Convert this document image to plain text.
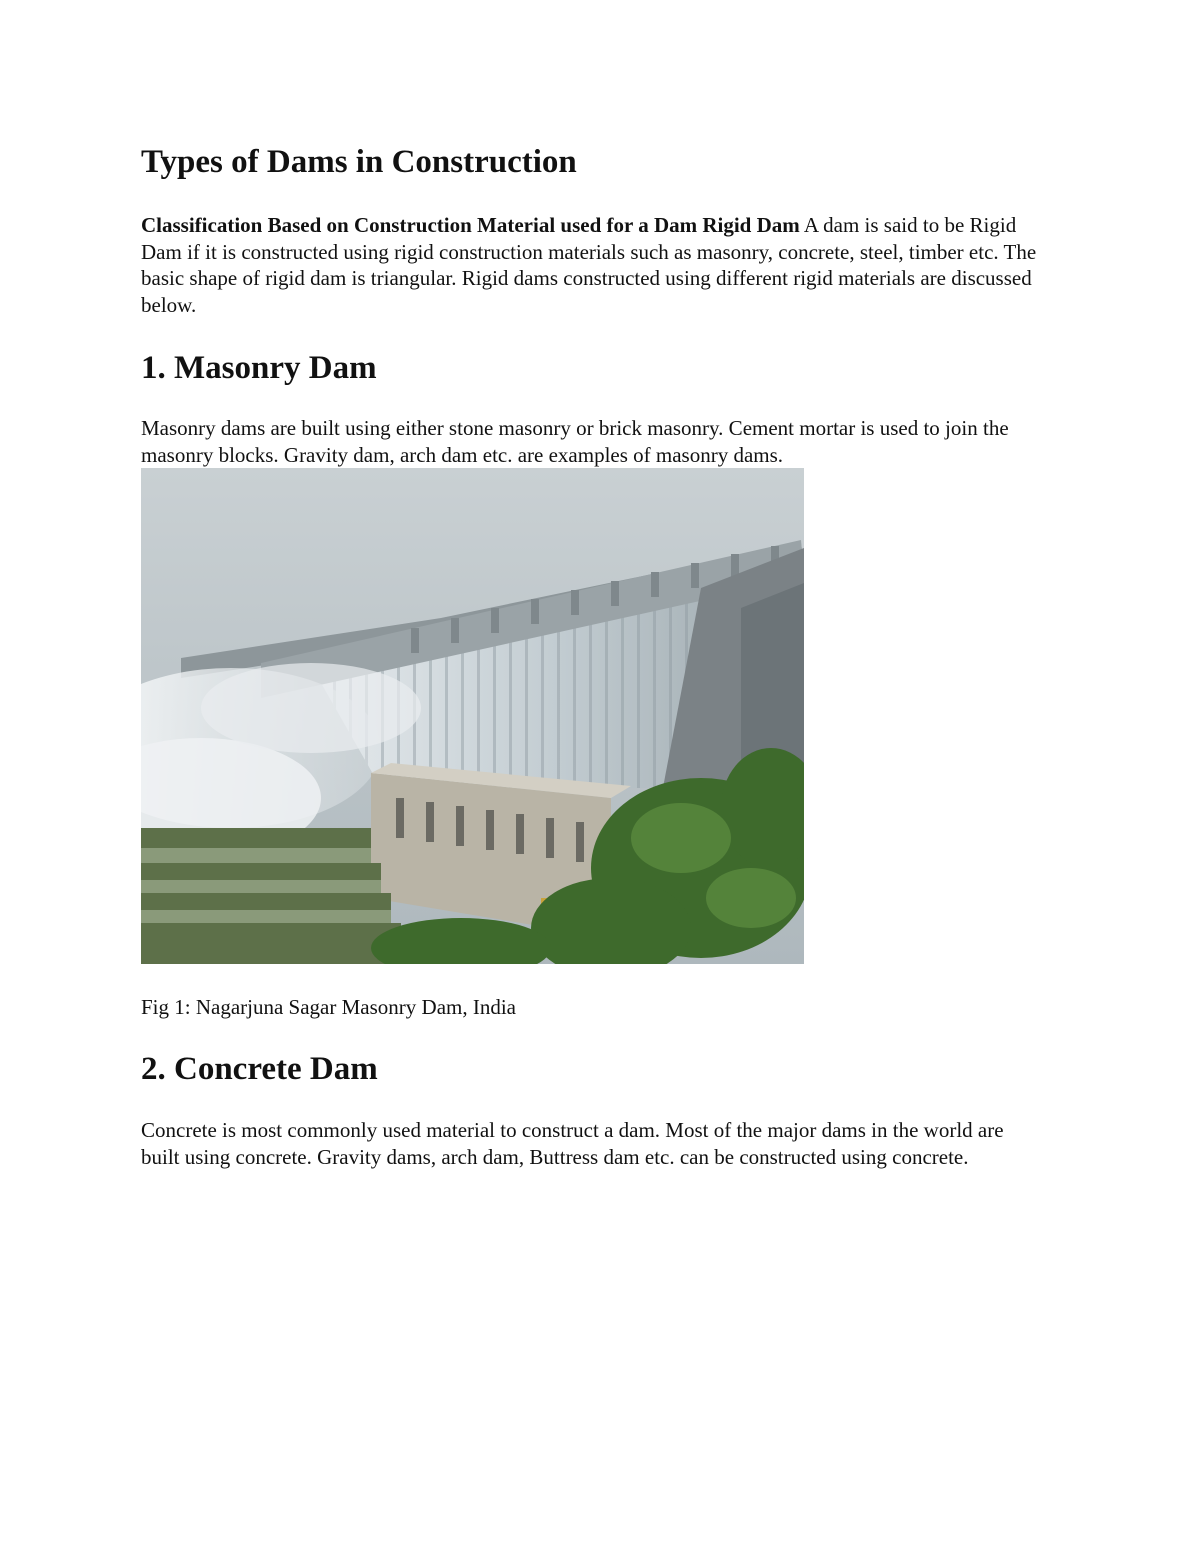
Types of Dams in Construction

Classification Based on Construction Material used for a Dam Rigid Dam A dam is said to be Rigid Dam if it is constructed using rigid construction materials such as masonry, concrete, steel, timber etc. The basic shape of rigid dam is triangular. Rigid dams constructed using different rigid materials are discussed below.

1. Masonry Dam

Masonry dams are built using either stone masonry or brick masonry. Cement mortar is used to join the masonry blocks. Gravity dam, arch dam etc. are examples of masonry dams.

Fig 1: Nagarjuna Sagar Masonry Dam, India

2. Concrete Dam

Concrete is most commonly used material to construct a dam. Most of the major dams in the world are built using concrete. Gravity dams, arch dam, Buttress dam etc. can be constructed using concrete.
